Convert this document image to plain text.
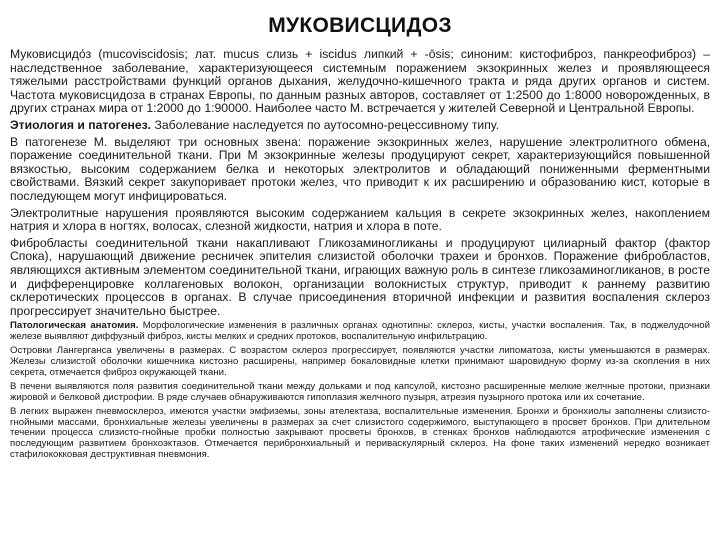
МУКОВИСЦИДОЗ

Муковисцидо́з (mucoviscidosis; лат. mucus слизь + iscidus липкий + -ōsis; синоним: кистофиброз, панкреофиброз) – наследственное заболевание, характеризующееся системным поражением экзокринных желез и проявляющееся тяжелыми расстройствами функций органов дыхания, желудочно-кишечного тракта и ряда других органов и систем. Частота муковисцидоза в странах Европы, по данным разных авторов, составляет от 1:2500 до 1:8000 новорожденных, в других странах мира от 1:2000 до 1:90000. Наиболее часто М. встречается у жителей Северной и Центральной Европы.

Этиология и патогенез. Заболевание наследуется по аутосомно-рецессивному типу.

В патогенезе М. выделяют три основных звена: поражение экзокринных желез, нарушение электролитного обмена, поражение соединительной ткани. При М экзокринные железы продуцируют секрет, характеризующийся повышенной вязкостью, высоким содержанием белка и некоторых электролитов и обладающий пониженными ферментными свойствами. Вязкий секрет закупоривает протоки желез, что приводит к их расширению и образованию кист, которые в последующем могут инфицироваться.

Электролитные нарушения проявляются высоким содержанием кальция в секрете экзокринных желез, накоплением натрия и хлора в ногтях, волосах, слезной жидкости, натрия и хлора в поте.

Фибробласты соединительной ткани накапливают Гликозаминогликаны и продуцируют цилиарный фактор (фактор Спока), нарушающий движение ресничек эпителия слизистой оболочки трахеи и бронхов. Поражение фибробластов, являющихся активным элементом соединительной ткани, играющих важную роль в синтезе гликозаминогликанов, в росте и дифференцировке коллагеновых волокон, организации волокнистых структур, приводит к раннему развитию склеротических процессов в органах. В случае присоединения вторичной инфекции и развития воспаления склероз прогрессирует значительно быстрее.

Патологическая анатомия. Морфологические изменения в различных органах однотипны: склероз, кисты, участки воспаления. Так, в поджелудочной железе выявляют диффузный фиброз, кисты мелких и средних протоков, воспалительную инфильтрацию.

Островки Лангерганса увеличены в размерах. С возрастом склероз прогрессирует, появляются участки липоматоза, кисты уменьшаются в размерах. Железы слизистой оболочки кишечника кистозно расширены, например бокаловидные клетки принимают шаровидную форму из-за скопления в них секрета, отмечается фиброз окружающей ткани.

В печени выявляются поля развития соединительной ткани между дольками и под капсулой, кистозно расширенные мелкие желчные протоки, признаки жировой и белковой дистрофии. В ряде случаев обнаруживаются гипоплазия желчного пузыря, атрезия пузырного протока или их сочетание.

В легких выражен пневмосклероз, имеются участки эмфиземы, зоны ателектаза, воспалительные изменения. Бронхи и бронхиолы заполнены слизисто-гнойными массами, бронхиальные железы увеличены в размерах за счет слизистого содержимого, выступающего в просвет бронхов. При длительном течении процесса слизисто-гнойные пробки полностью закрывают просветы бронхов, в стенках бронхов наблюдаются атрофические изменения с последующим развитием бронхоэктазов. Отмечается перибронхиальный и периваскулярный склероз. На фоне таких изменений нередко возникает стафилококковая деструктивная пневмония.
